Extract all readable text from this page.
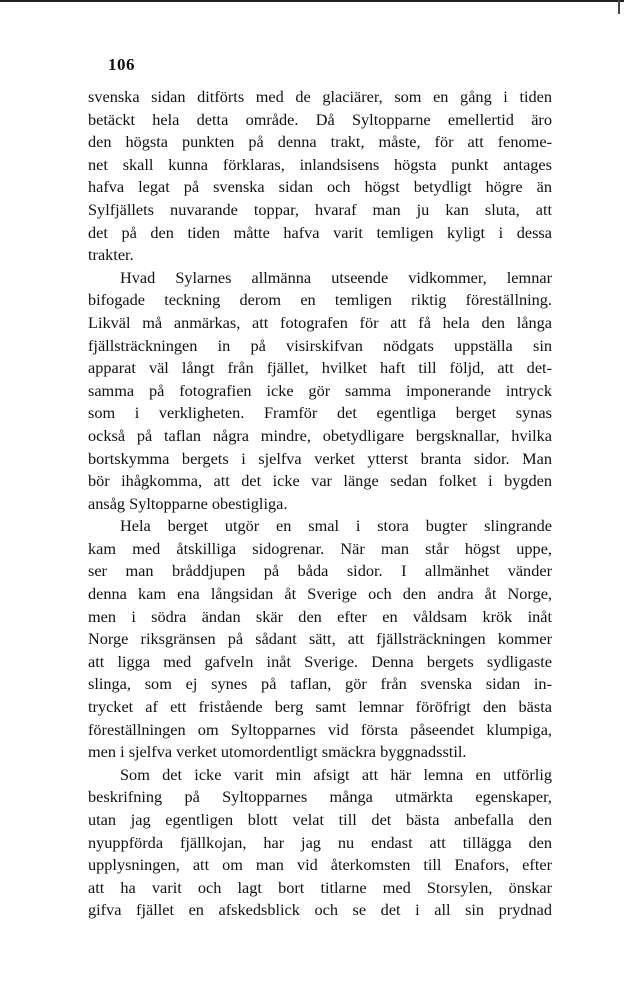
106
svenska sidan ditförts med de glaciärer, som en gång i tiden
betäckt hela detta område. Då Syltopparne emellertid äro
den högsta punkten på denna trakt, måste, för att fenome-
net skall kunna förklaras, inlandsisens högsta punkt antages
hafva legat på svenska sidan och högst betydligt högre än
Sylfjällets nuvarande toppar, hvaraf man ju kan sluta, att
det på den tiden måtte hafva varit temligen kyligt i dessa
trakter.
Hvad Sylarnes allmänna utseende vidkommer, lemnar
bifogade teckning derom en temligen riktig föreställning.
Likväl må anmärkas, att fotografen för att få hela den långa
fjällsträckningen in på visirskifvan nödgats uppställa sin
apparat väl långt från fjället, hvilket haft till följd, att det-
samma på fotografien icke gör samma imponerande intryck
som i verkligheten. Framför det egentliga berget synas
också på taflan några mindre, obetydligare bergsknallar, hvilka
bortskymma bergets i sjelfva verket ytterst branta sidor. Man
bör ihågkomma, att det icke var länge sedan folket i bygden
ansåg Syltopparne obestigliga.
Hela berget utgör en smal i stora bugter slingrande
kam med åtskilliga sidogrenar. När man står högst uppe,
ser man bråddjupen på båda sidor. I allmänhet vänder
denna kam ena långsidan åt Sverige och den andra åt Norge,
men i södra ändan skär den efter en våldsam krök inåt
Norge riksgränsen på sådant sätt, att fjällsträckningen kommer
att ligga med gafveln inåt Sverige. Denna bergets sydligaste
slinga, som ej synes på taflan, gör från svenska sidan in-
trycket af ett fristående berg samt lemnar föröfrigt den bästa
föreställningen om Syltopparnes vid första påseendet klumpiga,
men i sjelfva verket utomordentligt smäckra byggnadsstil.
Som det icke varit min afsigt att här lemna en utförlig
beskrifning på Syltopparnes många utmärkta egenskaper,
utan jag egentligen blott velat till det bästa anbefalla den
nyuppförda fjällkojan, har jag nu endast att tillägga den
upplysningen, att om man vid återkomsten till Enafors, efter
att ha varit och lagt bort titlarne med Storsylen, önskar
gifva fjället en afskedsblick och se det i all sin prydnad
